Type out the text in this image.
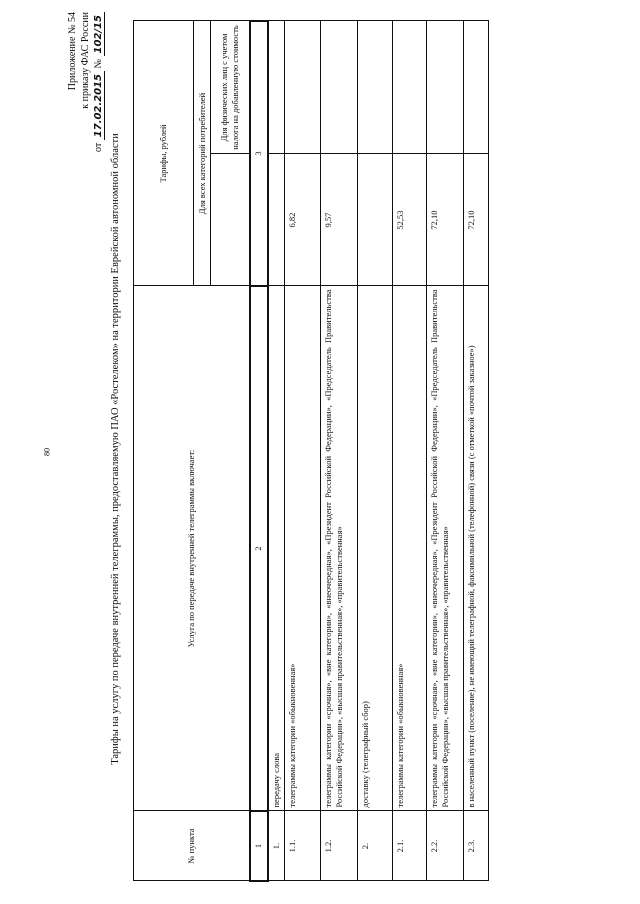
80
Приложение № 54 к приказу ФАС России
от 17.02.2015 № 102/15
Тарифы на услугу по передаче внутренней телеграммы, предоставляемую ПАО «Ростелеком» на территории Еврейской автономной области
№ пункта	Услуга по передаче внутренней телеграммы включает:	Тарифы, рублей	
		Для всех категорий потребителей	
			Для физических лиц с учетом налога на добавленную стоимость
1	2	3	
1.	передачу слова		
1.1.	телеграммы категории «обыкновенная»	6,82	
1.2.	телеграммы категории «срочная», «вне категории», «внеочередная», «Президент Российской Федерации», «Председатель Правительства Российской Федерации», «высшая правительственная», «правительственная»	9,57	
2.	доставку (телеграфный сбор)		
2.1.	телеграммы категории «обыкновенная»	52,53	
2.2.	телеграммы категории «срочная», «вне категории», «внеочередная», «Президент Российской Федерации», «Председатель Правительства Российской Федерации», «высшая правительственная», «правительственная»	72,10	
2.3.	в населенный пункт (поселение), не имеющий телеграфной, факсимильной (телефонной) связи (с отметкой «почтой заказное»)	72,10	
